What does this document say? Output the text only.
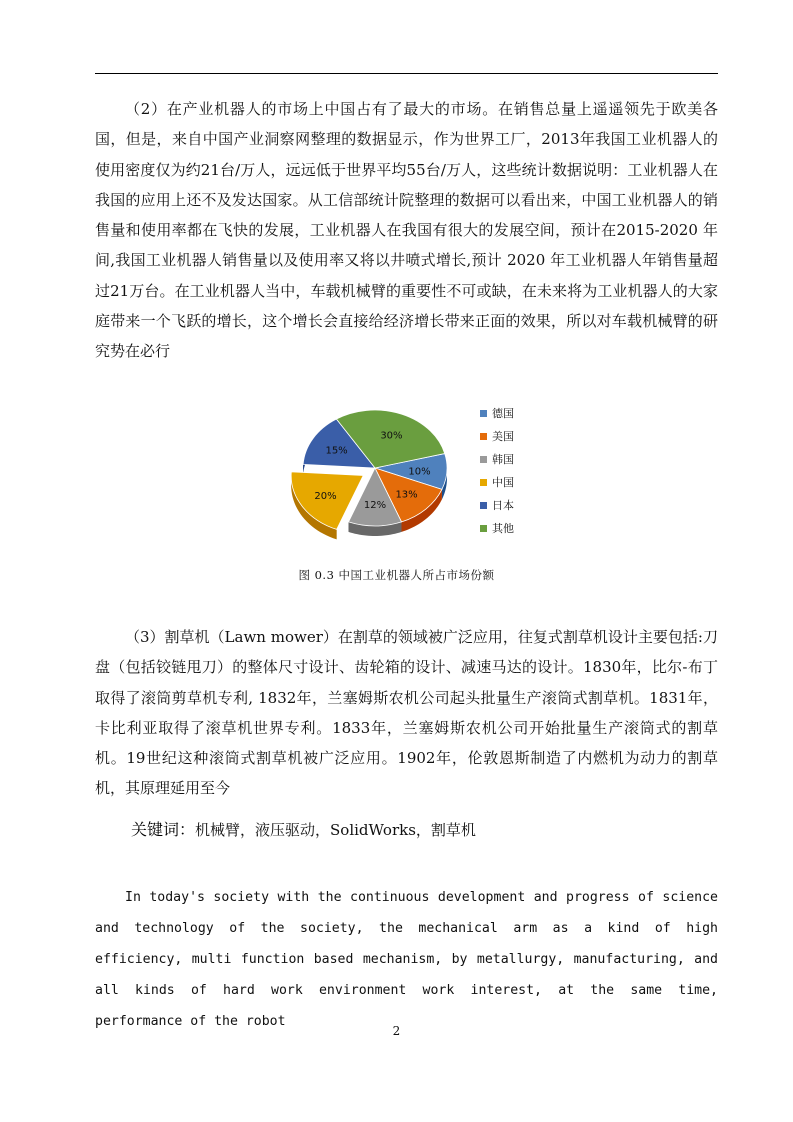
（2）在产业机器人的市场上中国占有了最大的市场。在销售总量上遥遥领先于欧美各国，但是，来自中国产业洞察网整理的数据显示，作为世界工厂，2013年我国工业机器人的使用密度仅为约21台/万人，远远低于世界平均55台/万人，这些统计数据说明：工业机器人在我国的应用上还不及发达国家。从工信部统计院整理的数据可以看出来，中国工业机器人的销售量和使用率都在飞快的发展，工业机器人在我国有很大的发展空间，预计在2015-2020 年间,我国工业机器人销售量以及使用率又将以井喷式增长,预计 2020 年工业机器人年销售量超过21万台。在工业机器人当中，车载机械臂的重要性不可或缺，在未来将为工业机器人的大家庭带来一个飞跃的增长，这个增长会直接给经济增长带来正面的效果，所以对车载机械臂的研究势在必行

10%
13%
12%
20%
15%
30%
德国
美国
韩国
中国
日本
其他
图 0.3 中国工业机器人所占市场份额

（3）割草机（Lawn mower）在割草的领域被广泛应用，往复式割草机设计主要包括:刀盘（包括铰链甩刀）的整体尺寸设计、齿轮箱的设计、减速马达的设计。1830年，比尔-布丁取得了滚筒剪草机专利, 1832年，兰塞姆斯农机公司起头批量生产滚筒式割草机。1831年，卡比利亚取得了滚草机世界专利。1833年，兰塞姆斯农机公司开始批量生产滚筒式的割草机。19世纪这种滚筒式割草机被广泛应用。1902年，伦敦恩斯制造了内燃机为动力的割草机，其原理延用至今

关键词：机械臂，液压驱动，SolidWorks，割草机

In today's society with the continuous development and progress of science and technology of the society, the mechanical arm as a kind of high efficiency, multi function based mechanism, by metallurgy, manufacturing, and all kinds of hard work environment work interest, at the same time, performance of the robot

2
